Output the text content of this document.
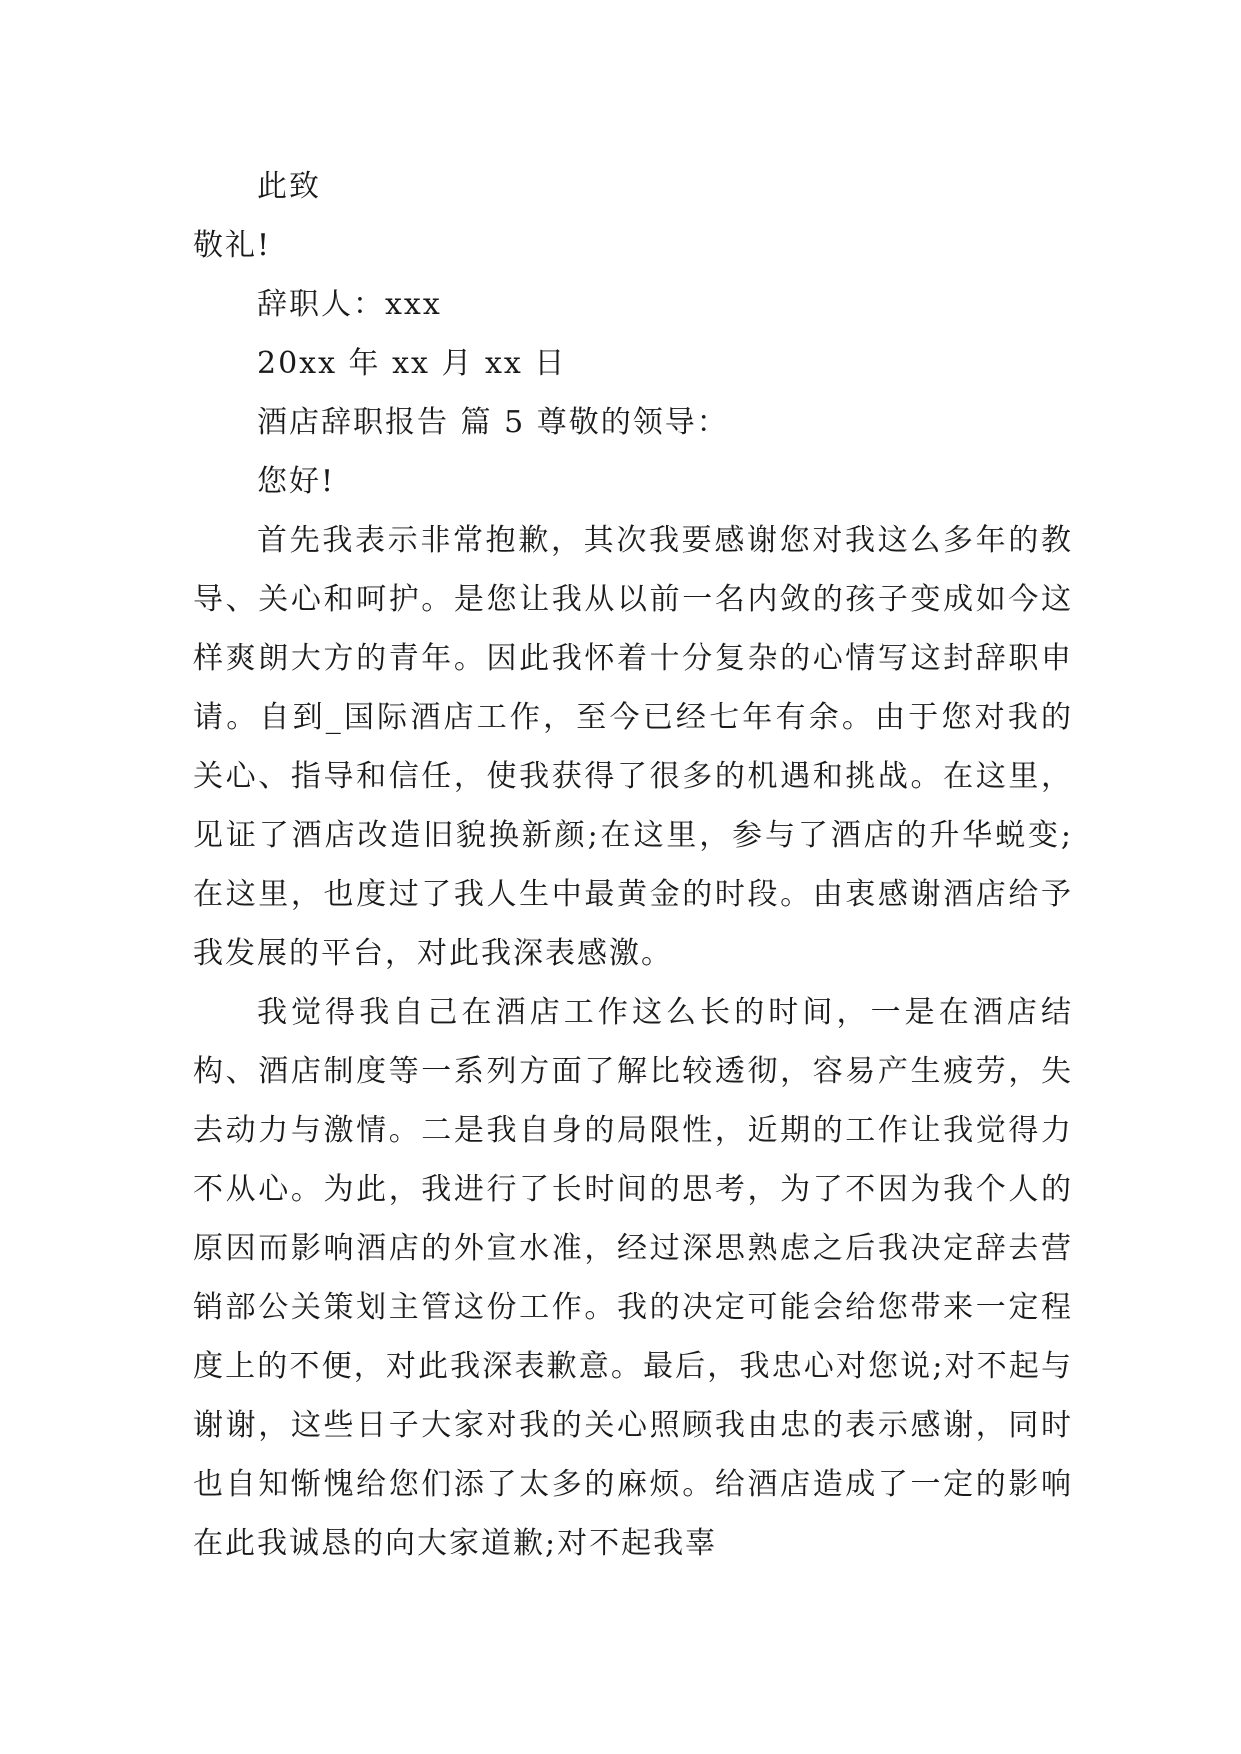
此致

敬礼!

辞职人：xxx

20xx 年 xx 月 xx 日

酒店辞职报告 篇 5 尊敬的领导：

您好!

首先我表示非常抱歉，其次我要感谢您对我这么多年的教导、关心和呵护。是您让我从以前一名内敛的孩子变成如今这样爽朗大方的青年。因此我怀着十分复杂的心情写这封辞职申请。自到_国际酒店工作，至今已经七年有余。由于您对我的关心、指导和信任，使我获得了很多的机遇和挑战。在这里，见证了酒店改造旧貌换新颜;在这里，参与了酒店的升华蜕变;在这里，也度过了我人生中最黄金的时段。由衷感谢酒店给予我发展的平台，对此我深表感激。

我觉得我自己在酒店工作这么长的时间，一是在酒店结构、酒店制度等一系列方面了解比较透彻，容易产生疲劳，失去动力与激情。二是我自身的局限性，近期的工作让我觉得力不从心。为此，我进行了长时间的思考，为了不因为我个人的原因而影响酒店的外宣水准，经过深思熟虑之后我决定辞去营销部公关策划主管这份工作。我的决定可能会给您带来一定程度上的不便，对此我深表歉意。最后，我忠心对您说;对不起与谢谢，这些日子大家对我的关心照顾我由忠的表示感谢，同时也自知惭愧给您们添了太多的麻烦。给酒店造成了一定的影响在此我诚恳的向大家道歉;对不起我辜
